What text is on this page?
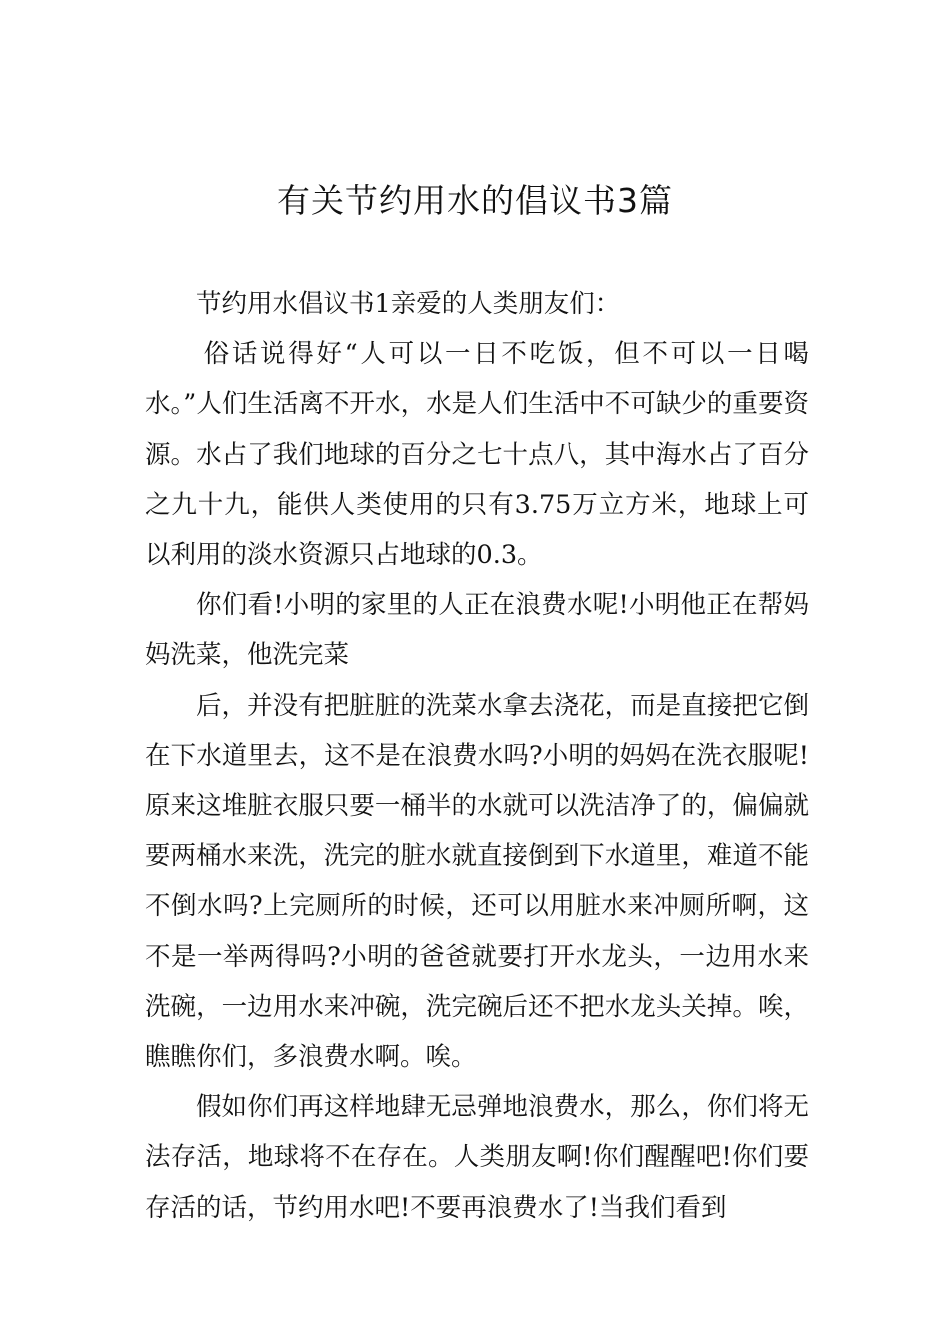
有关节约用水的倡议书3篇

节约用水倡议书1亲爱的人类朋友们：

俗话说得好“人可以一日不吃饭，但不可以一日喝水。”人们生活离不开水，水是人们生活中不可缺少的重要资源。水占了我们地球的百分之七十点八，其中海水占了百分之九十九，能供人类使用的只有3.75万立方米，地球上可以利用的淡水资源只占地球的0.3。

你们看!小明的家里的人正在浪费水呢!小明他正在帮妈妈洗菜，他洗完菜

后，并没有把脏脏的洗菜水拿去浇花，而是直接把它倒在下水道里去，这不是在浪费水吗?小明的妈妈在洗衣服呢!原来这堆脏衣服只要一桶半的水就可以洗洁净了的，偏偏就要两桶水来洗，洗完的脏水就直接倒到下水道里，难道不能不倒水吗?上完厕所的时候，还可以用脏水来冲厕所啊，这不是一举两得吗?小明的爸爸就要打开水龙头，一边用水来洗碗，一边用水来冲碗，洗完碗后还不把水龙头关掉。唉，瞧瞧你们，多浪费水啊。唉。

假如你们再这样地肆无忌弹地浪费水，那么，你们将无法存活，地球将不在存在。人类朋友啊!你们醒醒吧!你们要存活的话，节约用水吧!不要再浪费水了!当我们看到
